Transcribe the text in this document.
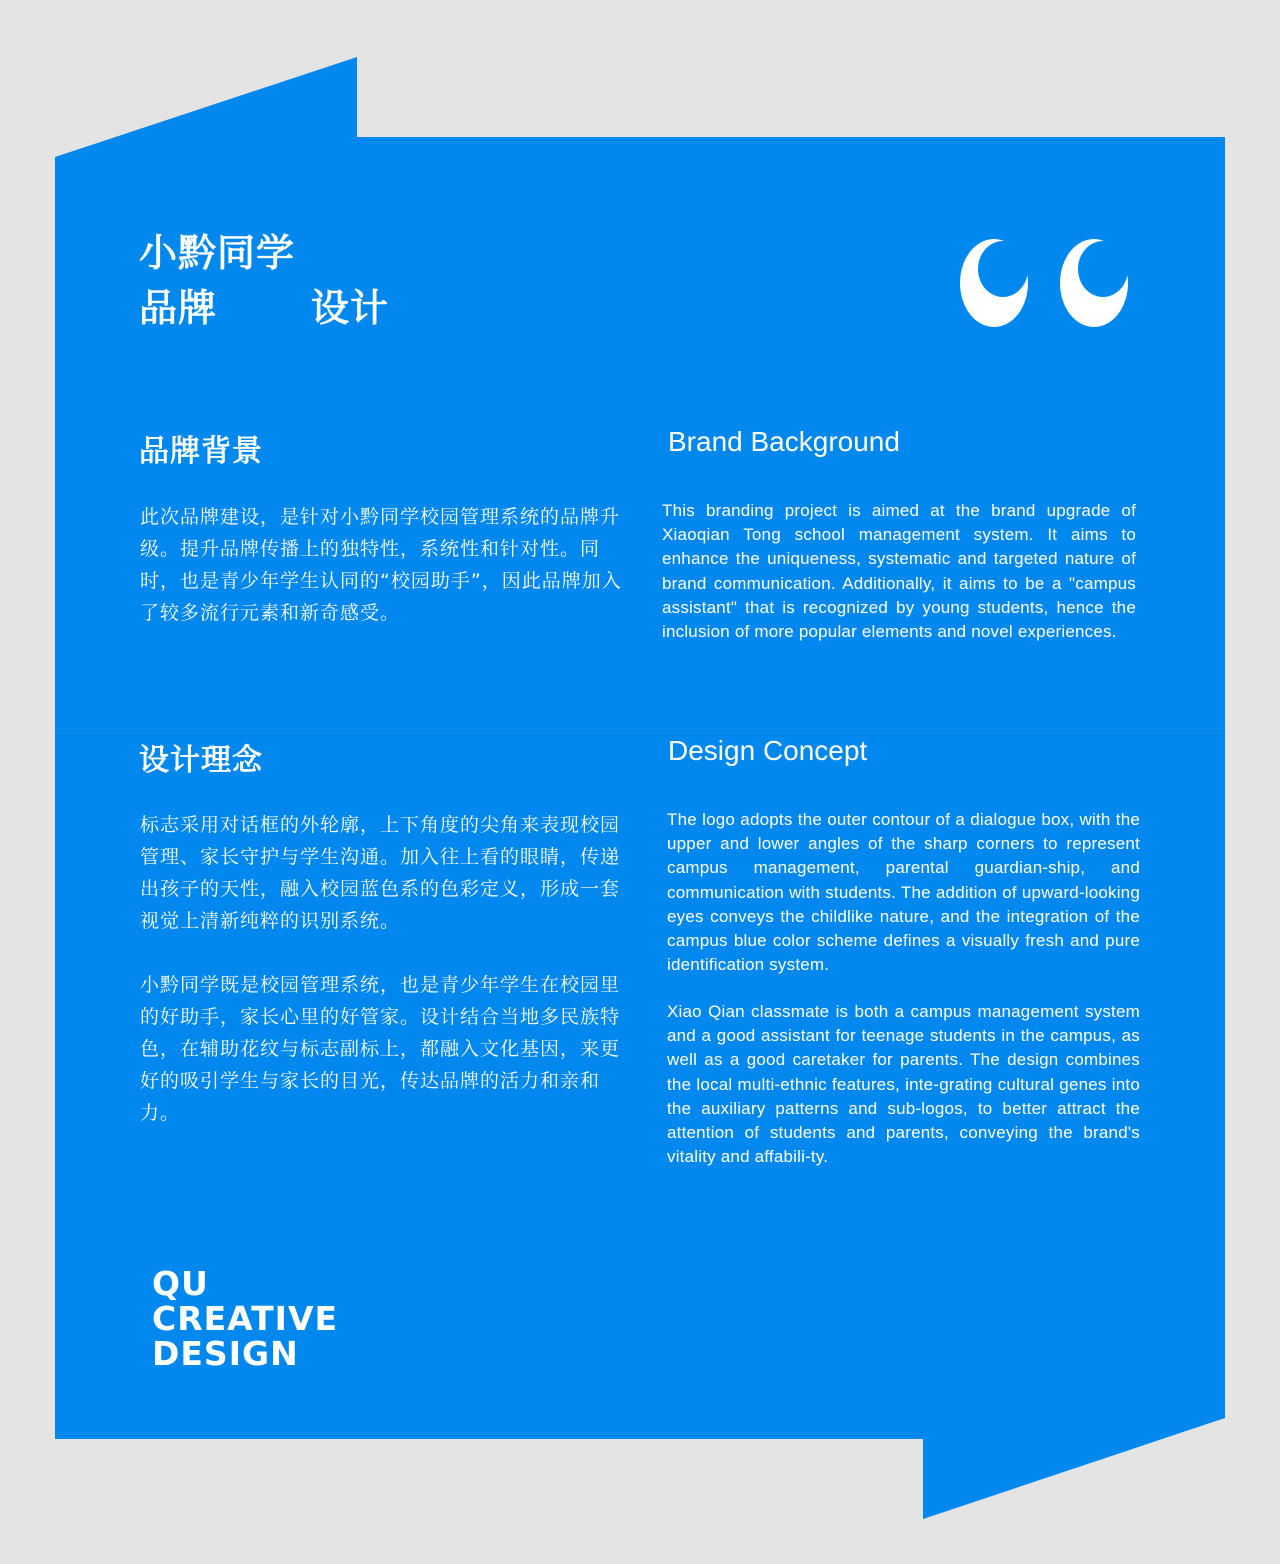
小黔同学
品牌 设计
品牌背景	Brand Background
此次品牌建设，是针对小黔同学校园管理系统的品牌升级。提升品牌传播上的独特性，系统性和针对性。同时，也是青少年学生认同的“校园助手”，因此品牌加入了较多流行元素和新奇感受。
This branding project is aimed at the brand upgrade of Xiaoqian Tong school management system. It aims to enhance the uniqueness, systematic and targeted nature of brand communication. Additionally, it aims to be a "campus assistant" that is recognized by young students, hence the inclusion of more popular elements and novel experiences.
设计理念	Design Concept
标志采用对话框的外轮廓，上下角度的尖角来表现校园管理、家长守护与学生沟通。加入往上看的眼睛，传递出孩子的天性，融入校园蓝色系的色彩定义，形成一套视觉上清新纯粹的识别系统。
小黔同学既是校园管理系统，也是青少年学生在校园里的好助手，家长心里的好管家。设计结合当地多民族特色，在辅助花纹与标志副标上，都融入文化基因，来更好的吸引学生与家长的目光，传达品牌的活力和亲和力。
The logo adopts the outer contour of a dialogue box, with the upper and lower angles of the sharp corners to represent campus management, parental guardian-ship, and communication with students. The addition of upward-looking eyes conveys the childlike nature, and the integration of the campus blue color scheme defines a visually fresh and pure identification system.
Xiao Qian classmate is both a campus management system and a good assistant for teenage students in the campus, as well as a good caretaker for parents. The design combines the local multi-ethnic features, inte-grating cultural genes into the auxiliary patterns and sub-logos, to better attract the attention of students and parents, conveying the brand's vitality and affabili-ty.
QU
CREATIVE
DESIGN
